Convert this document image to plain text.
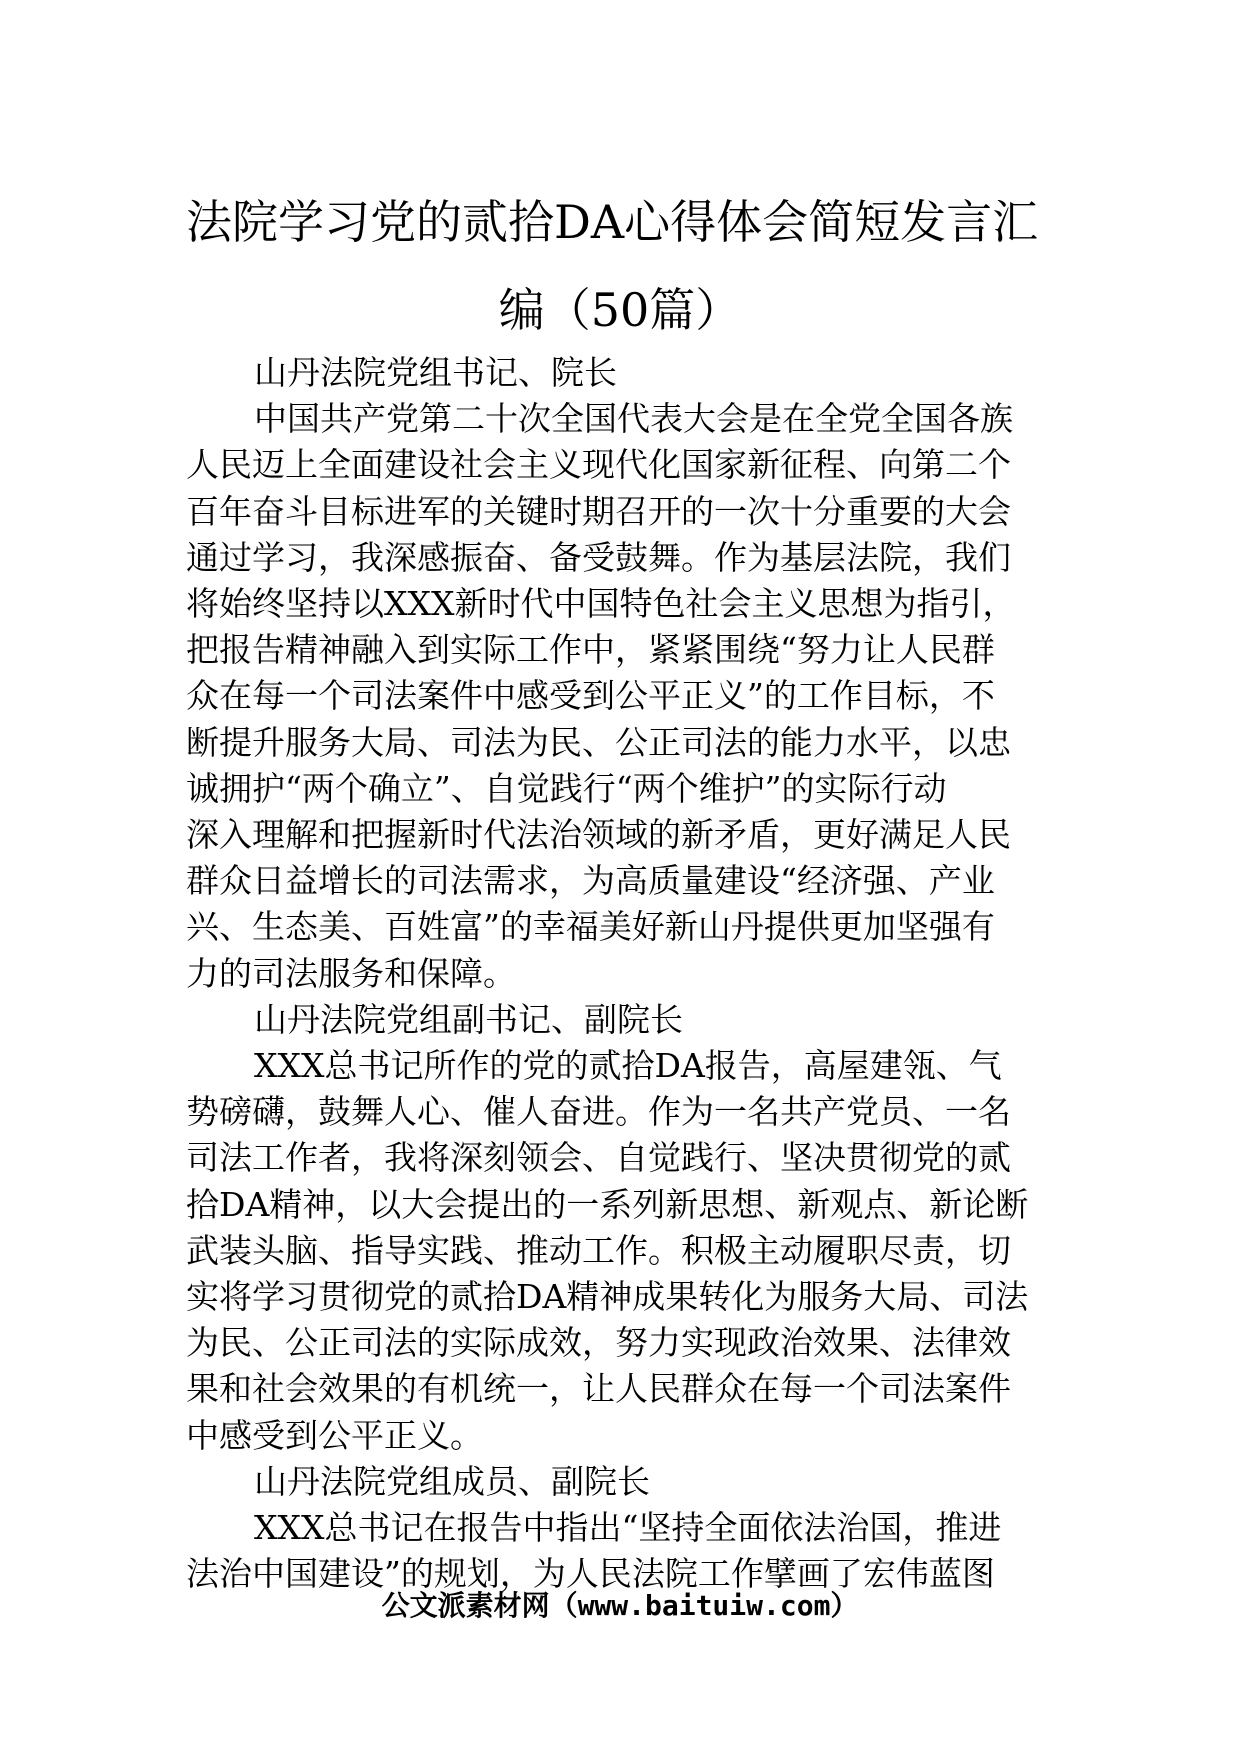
法院学习党的贰拾DA心得体会简短发言汇
编（50篇）
山丹法院党组书记、院长
中国共产党第二十次全国代表大会是在全党全国各族
人民迈上全面建设社会主义现代化国家新征程、向第二个
百年奋斗目标进军的关键时期召开的一次十分重要的大会
通过学习，我深感振奋、备受鼓舞。作为基层法院，我们
将始终坚持以XXX新时代中国特色社会主义思想为指引，
把报告精神融入到实际工作中，紧紧围绕“努力让人民群
众在每一个司法案件中感受到公平正义”的工作目标，不
断提升服务大局、司法为民、公正司法的能力水平，以忠
诚拥护“两个确立”、自觉践行“两个维护”的实际行动
深入理解和把握新时代法治领域的新矛盾，更好满足人民
群众日益增长的司法需求，为高质量建设“经济强、产业
兴、生态美、百姓富”的幸福美好新山丹提供更加坚强有
力的司法服务和保障。
山丹法院党组副书记、副院长
XXX总书记所作的党的贰拾DA报告，高屋建瓴、气
势磅礴，鼓舞人心、催人奋进。作为一名共产党员、一名
司法工作者，我将深刻领会、自觉践行、坚决贯彻党的贰
拾DA精神，以大会提出的一系列新思想、新观点、新论断
武装头脑、指导实践、推动工作。积极主动履职尽责，切
实将学习贯彻党的贰拾DA精神成果转化为服务大局、司法
为民、公正司法的实际成效，努力实现政治效果、法律效
果和社会效果的有机统一，让人民群众在每一个司法案件
中感受到公平正义。
山丹法院党组成员、副院长
XXX总书记在报告中指出“坚持全面依法治国，推进
法治中国建设”的规划，为人民法院工作擘画了宏伟蓝图
公文派素材网（www.baituiw.com）
